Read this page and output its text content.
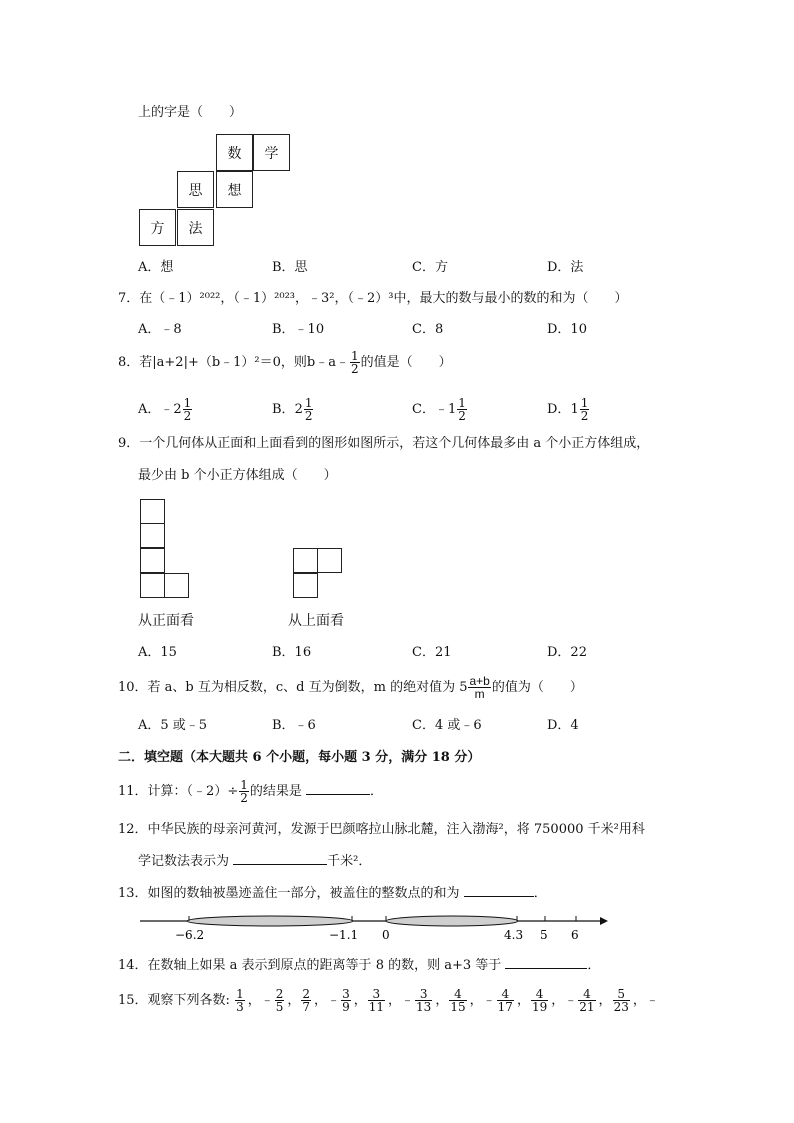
上的字是（　　）
数	学
思	想
方	法
A．想	B．思	C．方	D．法
7．在（﹣1）²⁰²²，（﹣1）²⁰²³，﹣3²，（﹣2）³中，最大的数与最小的数的和为（　　）
A．﹣8	B．﹣10	C．8	D．10
8．若|a+2|+（b﹣1）²＝0，则b﹣a﹣ $\frac{1}{2}$ 的值是（　　）
A．﹣2 $\frac{1}{2}$	B．$2 \frac{1}{2}$	C．﹣1 $\frac{1}{2}$	D．$1 \frac{1}{2}$
9．一个几何体从正面和上面看到的图形如图所示，若这个几何体最多由 a 个小正方体组成，
最少由 b 个小正方体组成（　　）
从正面看	从上面看
A．15	B．16	C．21	D．22
10．若 a、b 互为相反数，c、d 互为倒数，m 的绝对值为 $5 \frac{a+b}{m}$ 的值为（　　）
A．5 或﹣5	B．﹣6	C．4 或﹣6	D．4
二．填空题（本大题共 6 个小题，每小题 3 分，满分 18 分）
11．计算：（﹣2）÷ $\frac{1}{2}$ 的结果是	．
12．中华民族的母亲河黄河，发源于巴颜喀拉山脉北麓，注入渤海²，将 750000 千米²用科
学记数法表示为	千米²．
13．如图的数轴被墨迹盖住一部分，被盖住的整数点的和为	．
−6.2	−1.1 0	4.3 5 6
14．在数轴上如果 a 表示到原点的距离等于 8 的数，则 a+3 等于	．
15．观察下列各数: $\frac{1}{3}$ ，﹣ $\frac{2}{5}$ ， $\frac{2}{7}$ ，﹣ $\frac{3}{9}$ ， $\frac{3}{11}$ ，﹣ $\frac{3}{13}$ ， $\frac{4}{15}$ ，﹣ $\frac{4}{17}$ ， $\frac{4}{19}$ ，﹣ $\frac{4}{21}$ ， $\frac{5}{23}$ ，﹣
